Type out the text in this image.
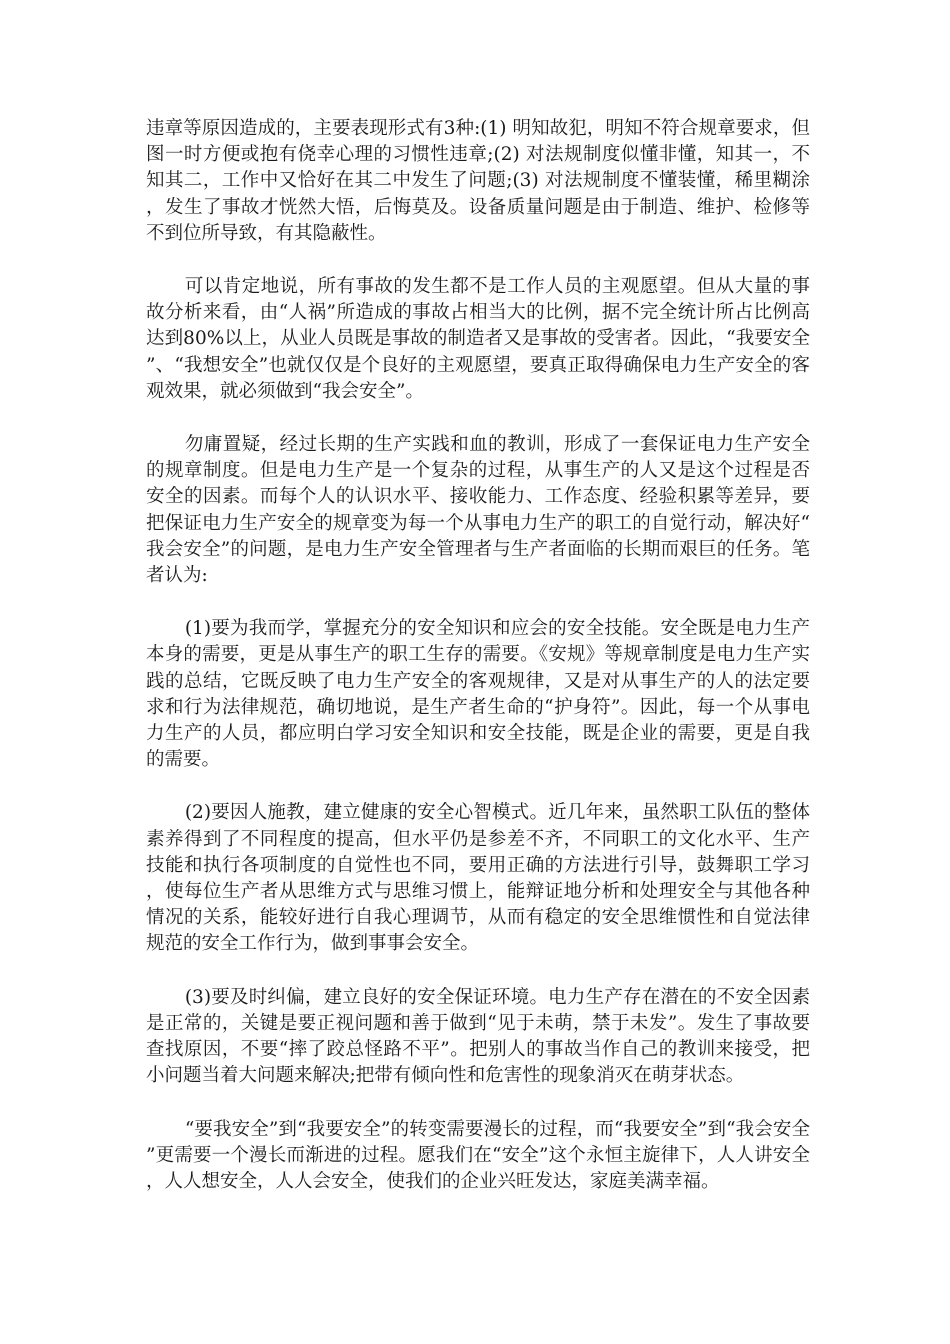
违章等原因造成的，主要表现形式有3种:(1) 明知故犯，明知不符合规章要求，但图一时方便或抱有侥幸心理的习惯性违章;(2) 对法规制度似懂非懂，知其一，不知其二，工作中又恰好在其二中发生了问题;(3) 对法规制度不懂装懂，稀里糊涂，发生了事故才恍然大悟，后悔莫及。设备质量问题是由于制造、维护、检修等不到位所导致，有其隐蔽性。

可以肯定地说，所有事故的发生都不是工作人员的主观愿望。但从大量的事故分析来看，由“人祸”所造成的事故占相当大的比例，据不完全统计所占比例高达到80%以上，从业人员既是事故的制造者又是事故的受害者。因此，“我要安全”、“我想安全”也就仅仅是个良好的主观愿望，要真正取得确保电力生产安全的客观效果，就必须做到“我会安全”。

勿庸置疑，经过长期的生产实践和血的教训，形成了一套保证电力生产安全的规章制度。但是电力生产是一个复杂的过程，从事生产的人又是这个过程是否安全的因素。而每个人的认识水平、接收能力、工作态度、经验积累等差异，要把保证电力生产安全的规章变为每一个从事电力生产的职工的自觉行动，解决好“我会安全”的问题，是电力生产安全管理者与生产者面临的长期而艰巨的任务。笔者认为:

(1)要为我而学，掌握充分的安全知识和应会的安全技能。安全既是电力生产本身的需要，更是从事生产的职工生存的需要。《安规》等规章制度是电力生产实践的总结，它既反映了电力生产安全的客观规律，又是对从事生产的人的法定要求和行为法律规范，确切地说，是生产者生命的“护身符”。因此，每一个从事电力生产的人员，都应明白学习安全知识和安全技能，既是企业的需要，更是自我的需要。

(2)要因人施教，建立健康的安全心智模式。近几年来，虽然职工队伍的整体素养得到了不同程度的提高，但水平仍是参差不齐，不同职工的文化水平、生产技能和执行各项制度的自觉性也不同，要用正确的方法进行引导，鼓舞职工学习，使每位生产者从思维方式与思维习惯上，能辩证地分析和处理安全与其他各种情况的关系，能较好进行自我心理调节，从而有稳定的安全思维惯性和自觉法律规范的安全工作行为，做到事事会安全。

(3)要及时纠偏，建立良好的安全保证环境。电力生产存在潜在的不安全因素是正常的，关键是要正视问题和善于做到“见于未萌，禁于未发”。发生了事故要查找原因，不要“摔了跤总怪路不平”。把别人的事故当作自己的教训来接受，把小问题当着大问题来解决;把带有倾向性和危害性的现象消灭在萌芽状态。

“要我安全”到“我要安全”的转变需要漫长的过程，而“我要安全”到“我会安全”更需要一个漫长而渐进的过程。愿我们在“安全”这个永恒主旋律下，人人讲安全，人人想安全，人人会安全，使我们的企业兴旺发达，家庭美满幸福。
